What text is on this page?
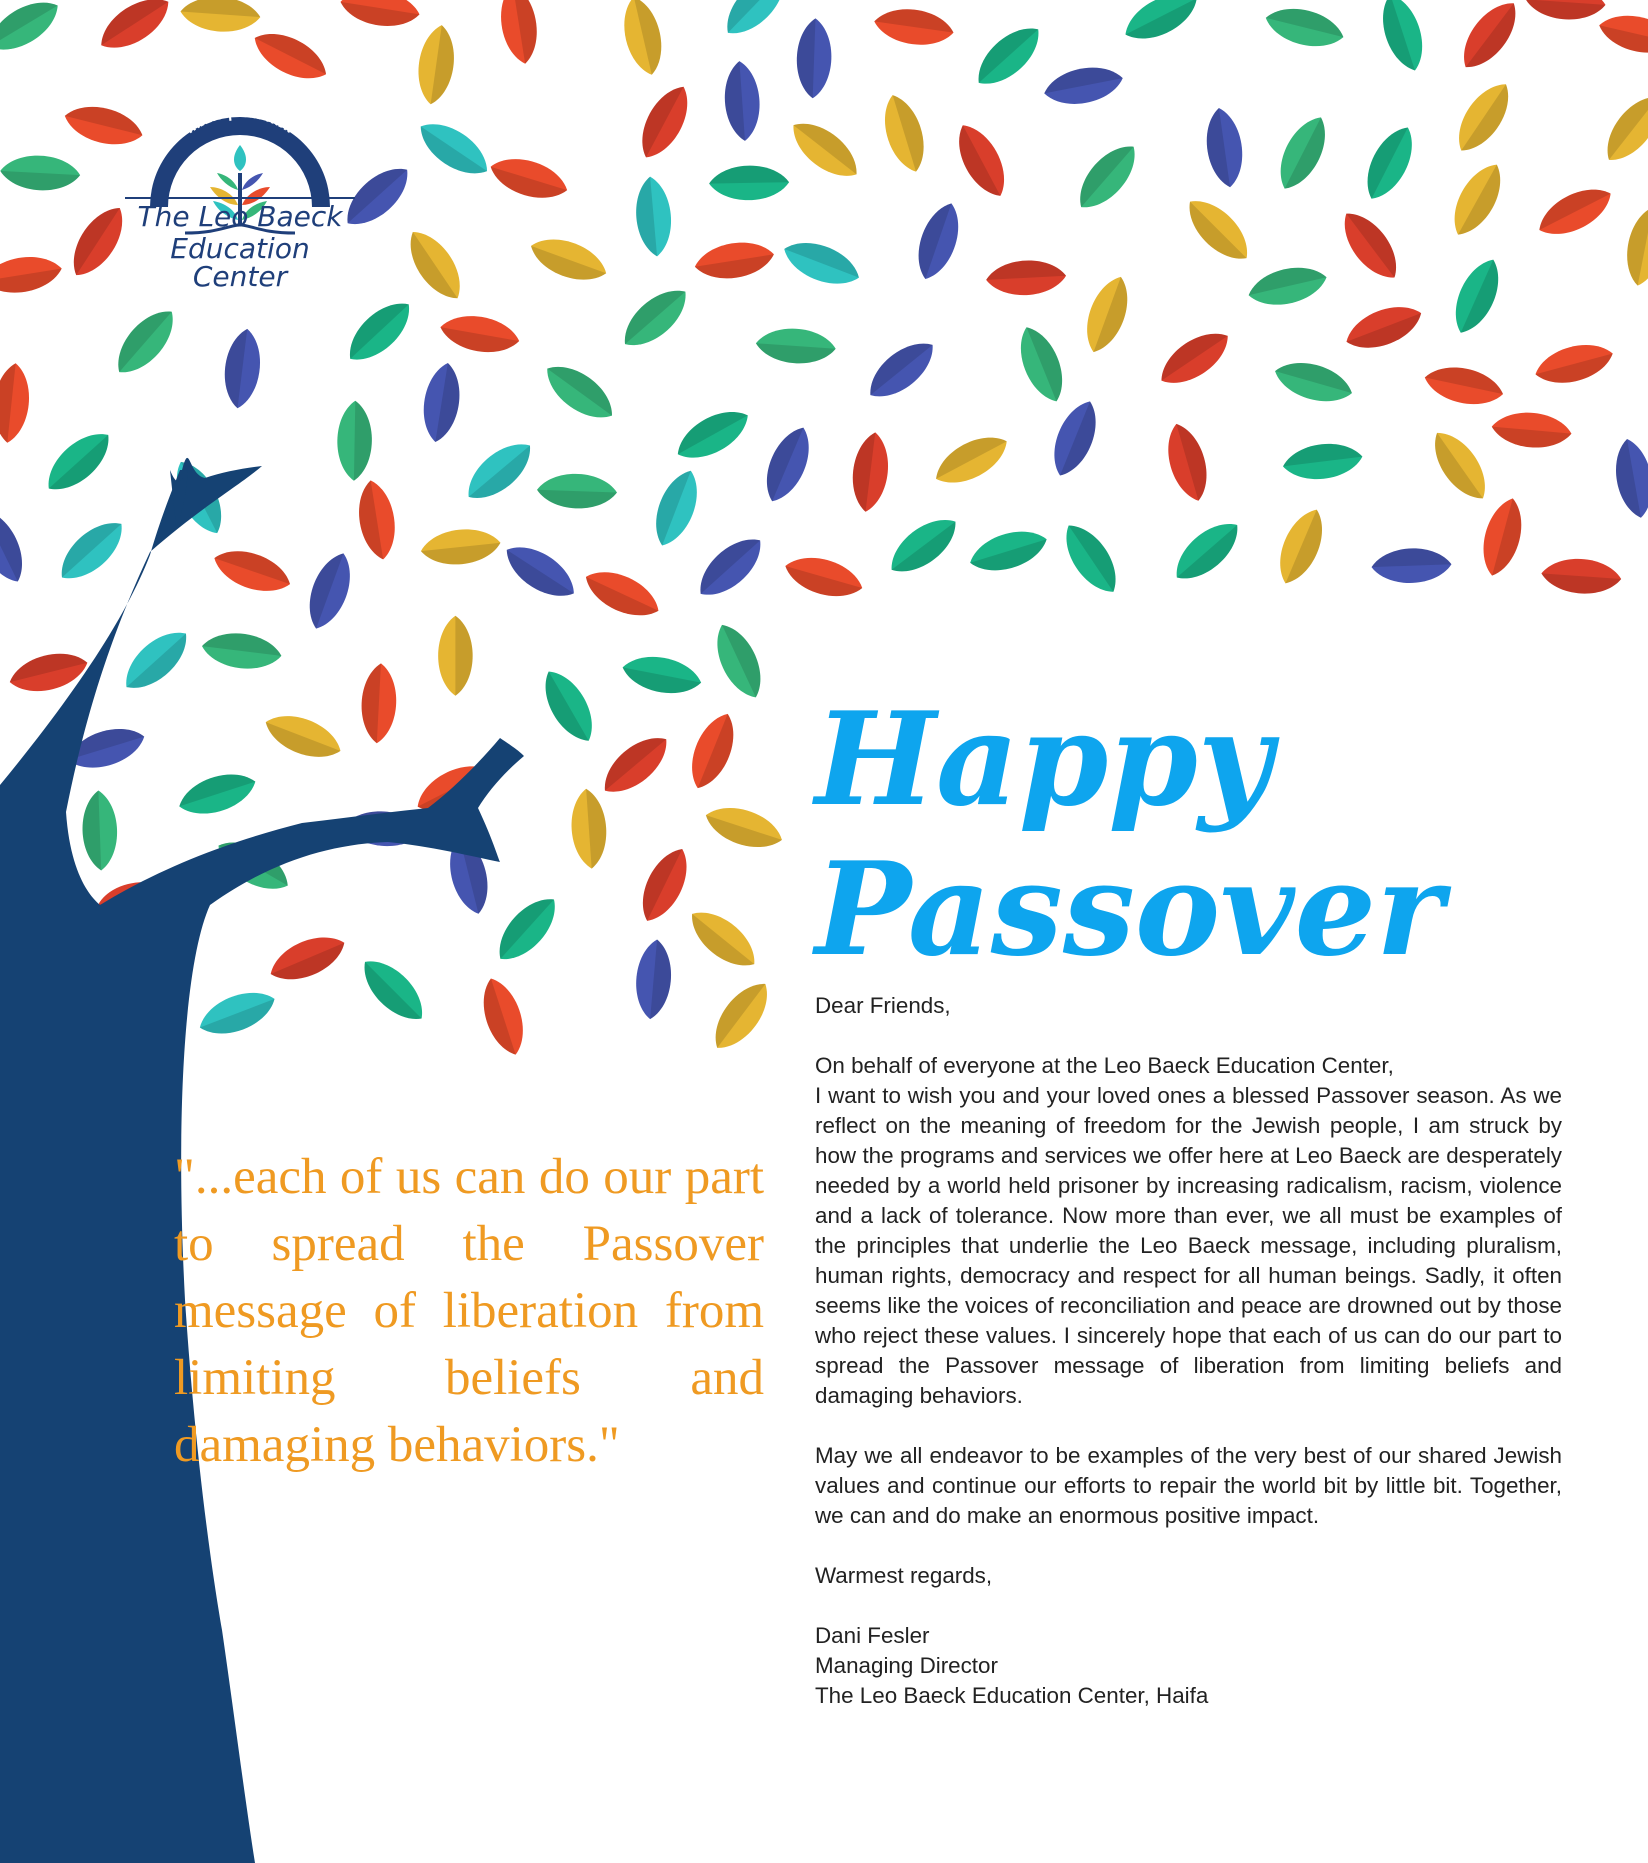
אמת מארץ תצמח
The Leo Baeck
Education Center
Happy Passover

"...each of us can do our part to spread the Passover message of liberation from limiting beliefs and damaging behaviors."

Dear Friends,

On behalf of everyone at the Leo Baeck Education Center,

I want to wish you and your loved ones a blessed Passover season. As we reflect on the meaning of freedom for the Jewish people, I am struck by how the programs and services we offer here at Leo Baeck are desperately needed by a world held prisoner by increasing radicalism, racism, violence and a lack of tolerance. Now more than ever, we all must be examples of the principles that underlie the Leo Baeck message, including pluralism, human rights, democracy and respect for all human beings. Sadly, it often seems like the voices of reconciliation and peace are drowned out by those who reject these values. I sincerely hope that each of us can do our part to spread the Passover message of liberation from limiting beliefs and damaging behaviors.

May we all endeavor to be examples of the very best of our shared Jewish values and continue our efforts to repair the world bit by little bit. Together, we can and do make an enormous positive impact.

Warmest regards,

Dani Fesler

Managing Director

The Leo Baeck Education Center, Haifa
